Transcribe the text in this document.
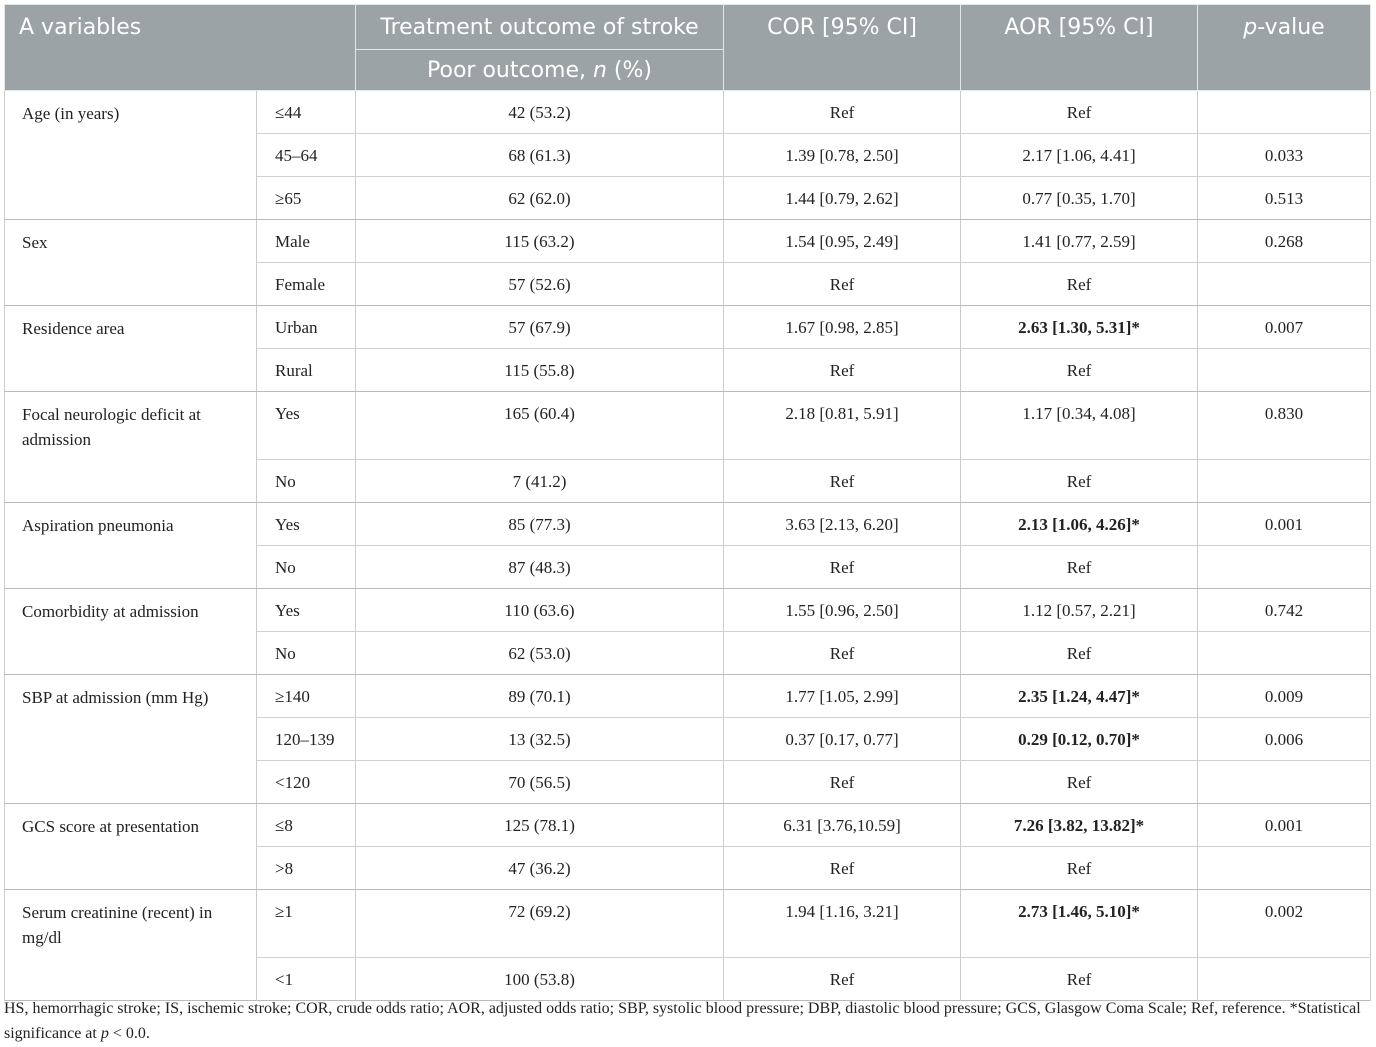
A variables		Treatment outcome of stroke	COR [95% CI]	AOR [95% CI]	p-value
		Poor outcome, n (%)			

Age (in years)	≤44	42 (53.2)	Ref	Ref	

	45–64	68 (61.3)	1.39 [0.78, 2.50]	2.17 [1.06, 4.41]	0.033

	≥65	62 (62.0)	1.44 [0.79, 2.62]	0.77 [0.35, 1.70]	0.513

Sex	Male	115 (63.2)	1.54 [0.95, 2.49]	1.41 [0.77, 2.59]	0.268

	Female	57 (52.6)	Ref	Ref	

Residence area	Urban	57 (67.9)	1.67 [0.98, 2.85]	2.63 [1.30, 5.31]*	0.007

	Rural	115 (55.8)	Ref	Ref	

Focal neurologic deficit at admission	Yes	165 (60.4)	2.18 [0.81, 5.91]	1.17 [0.34, 4.08]	0.830

	No	7 (41.2)	Ref	Ref	

Aspiration pneumonia	Yes	85 (77.3)	3.63 [2.13, 6.20]	2.13 [1.06, 4.26]*	0.001

	No	87 (48.3)	Ref	Ref	

Comorbidity at admission	Yes	110 (63.6)	1.55 [0.96, 2.50]	1.12 [0.57, 2.21]	0.742

	No	62 (53.0)	Ref	Ref	

SBP at admission (mm Hg)	≥140	89 (70.1)	1.77 [1.05, 2.99]	2.35 [1.24, 4.47]*	0.009

	120–139	13 (32.5)	0.37 [0.17, 0.77]	0.29 [0.12, 0.70]*	0.006

	<120	70 (56.5)	Ref	Ref	

GCS score at presentation	≤8	125 (78.1)	6.31 [3.76,10.59]	7.26 [3.82, 13.82]*	0.001

	>8	47 (36.2)	Ref	Ref	

Serum creatinine (recent) in mg/dl	≥1	72 (69.2)	1.94 [1.16, 3.21]	2.73 [1.46, 5.10]*	0.002

	<1	100 (53.8)	Ref	Ref	

HS, hemorrhagic stroke; IS, ischemic stroke; COR, crude odds ratio; AOR, adjusted odds ratio; SBP, systolic blood pressure; DBP, diastolic blood pressure; GCS, Glasgow Coma Scale; Ref, reference. *Statistical significance at p < 0.0.
